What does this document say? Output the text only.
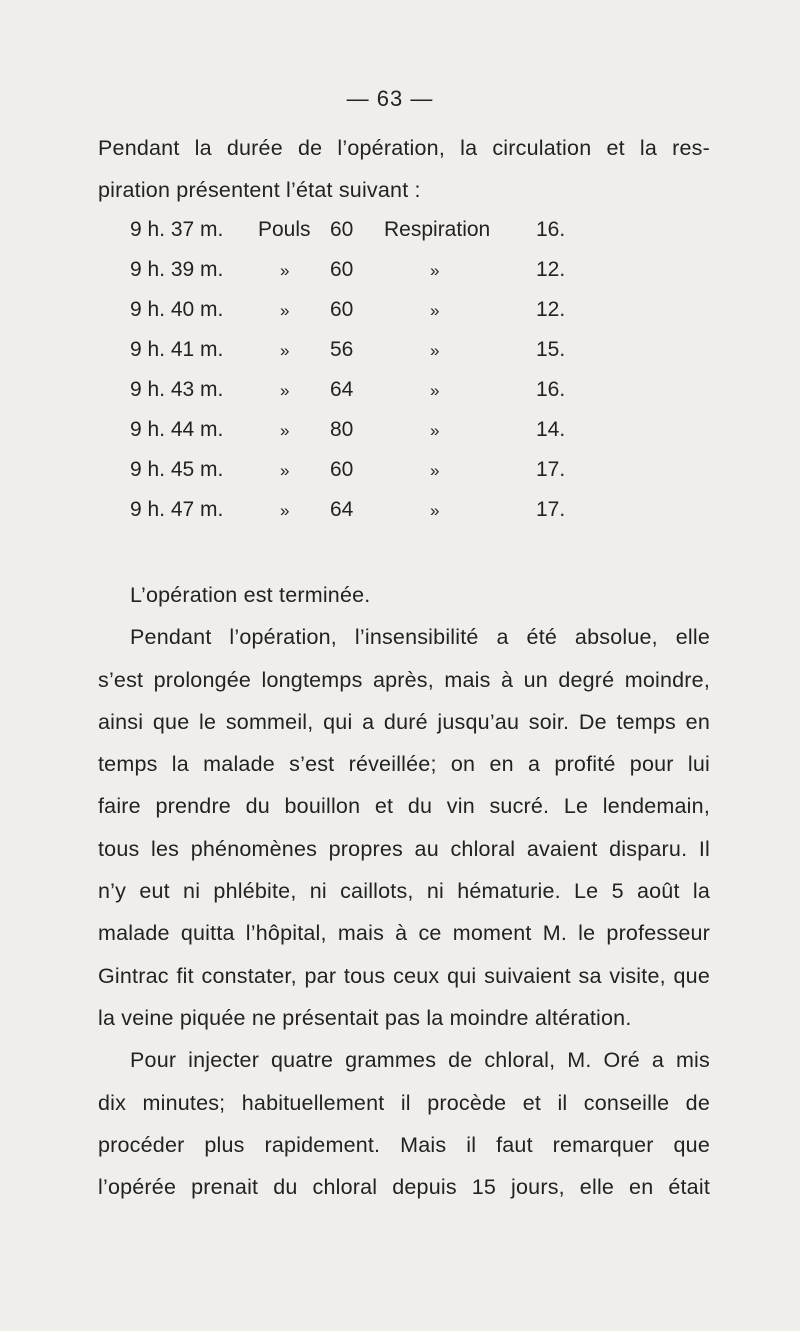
— 63 —
Pendant la durée de l’opération, la circulation et la res-
piration présentent l’état suivant :
9 h. 37 m. Pouls 60 Respiration 16.
9 h. 39 m.	» 60	»	12.
9 h. 40 m.	» 60	»	12.
9 h. 41 m.	» 56	»	15.
9 h. 43 m.	» 64	»	16.
9 h. 44 m.	» 80	»	14.
9 h. 45 m.	» 60	»	17.
9 h. 47 m.	» 64	»	17.
L’opération est terminée.
Pendant l’opération, l’insensibilité a été absolue, elle
s’est prolongée longtemps après, mais à un degré moindre,
ainsi que le sommeil, qui a duré jusqu’au soir. De temps en
temps la malade s’est réveillée; on en a profité pour lui
faire prendre du bouillon et du vin sucré. Le lendemain,
tous les phénomènes propres au chloral avaient disparu. Il
n’y eut ni phlébite, ni caillots, ni hématurie. Le 5 août la
malade quitta l’hôpital, mais à ce moment M. le professeur
Gintrac fit constater, par tous ceux qui suivaient sa visite, que
la veine piquée ne présentait pas la moindre altération.
Pour injecter quatre grammes de chloral, M. Oré a mis
dix minutes; habituellement il procède et il conseille de
procéder plus rapidement. Mais il faut remarquer que
l’opérée prenait du chloral depuis 15 jours, elle en était
